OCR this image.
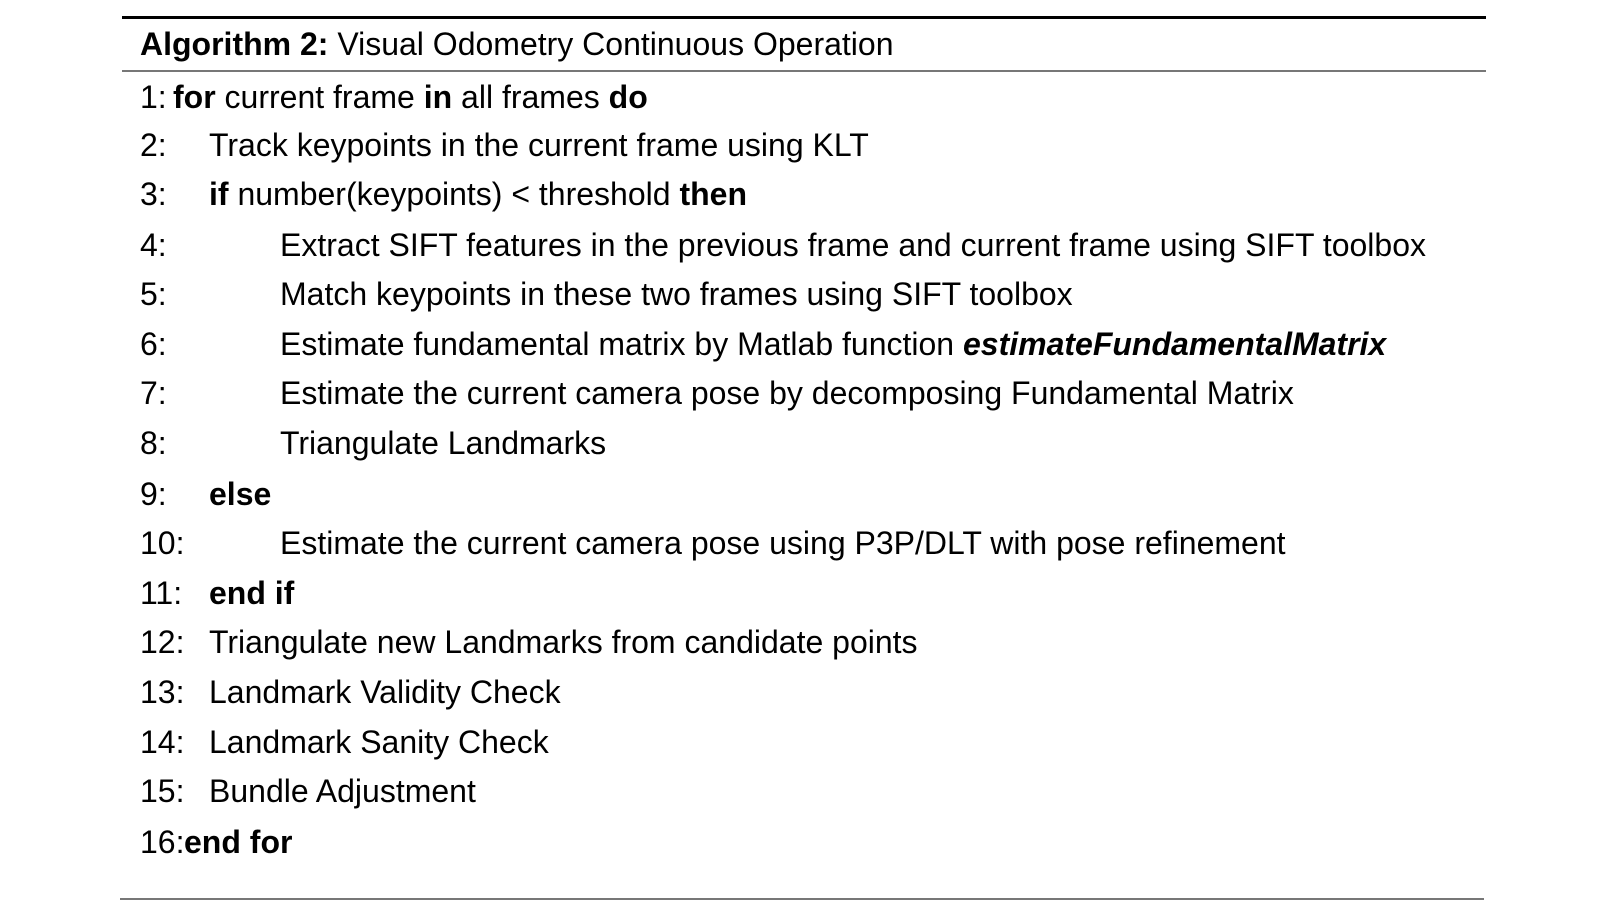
Algorithm 2: Visual Odometry Continuous Operation
1: for current frame in all frames do
2: Track keypoints in the current frame using KLT
3: if number(keypoints) < threshold then
4:	Extract SIFT features in the previous frame and current frame using SIFT toolbox
5:	Match keypoints in these two frames using SIFT toolbox
6:	Estimate fundamental matrix by Matlab function estimateFundamentalMatrix
7:	Estimate the current camera pose by decomposing Fundamental Matrix
8:	Triangulate Landmarks
9: else
10:	Estimate the current camera pose using P3P/DLT with pose refinement
11: end if
12: Triangulate new Landmarks from candidate points
13: Landmark Validity Check
14: Landmark Sanity Check
15: Bundle Adjustment
16: end for
